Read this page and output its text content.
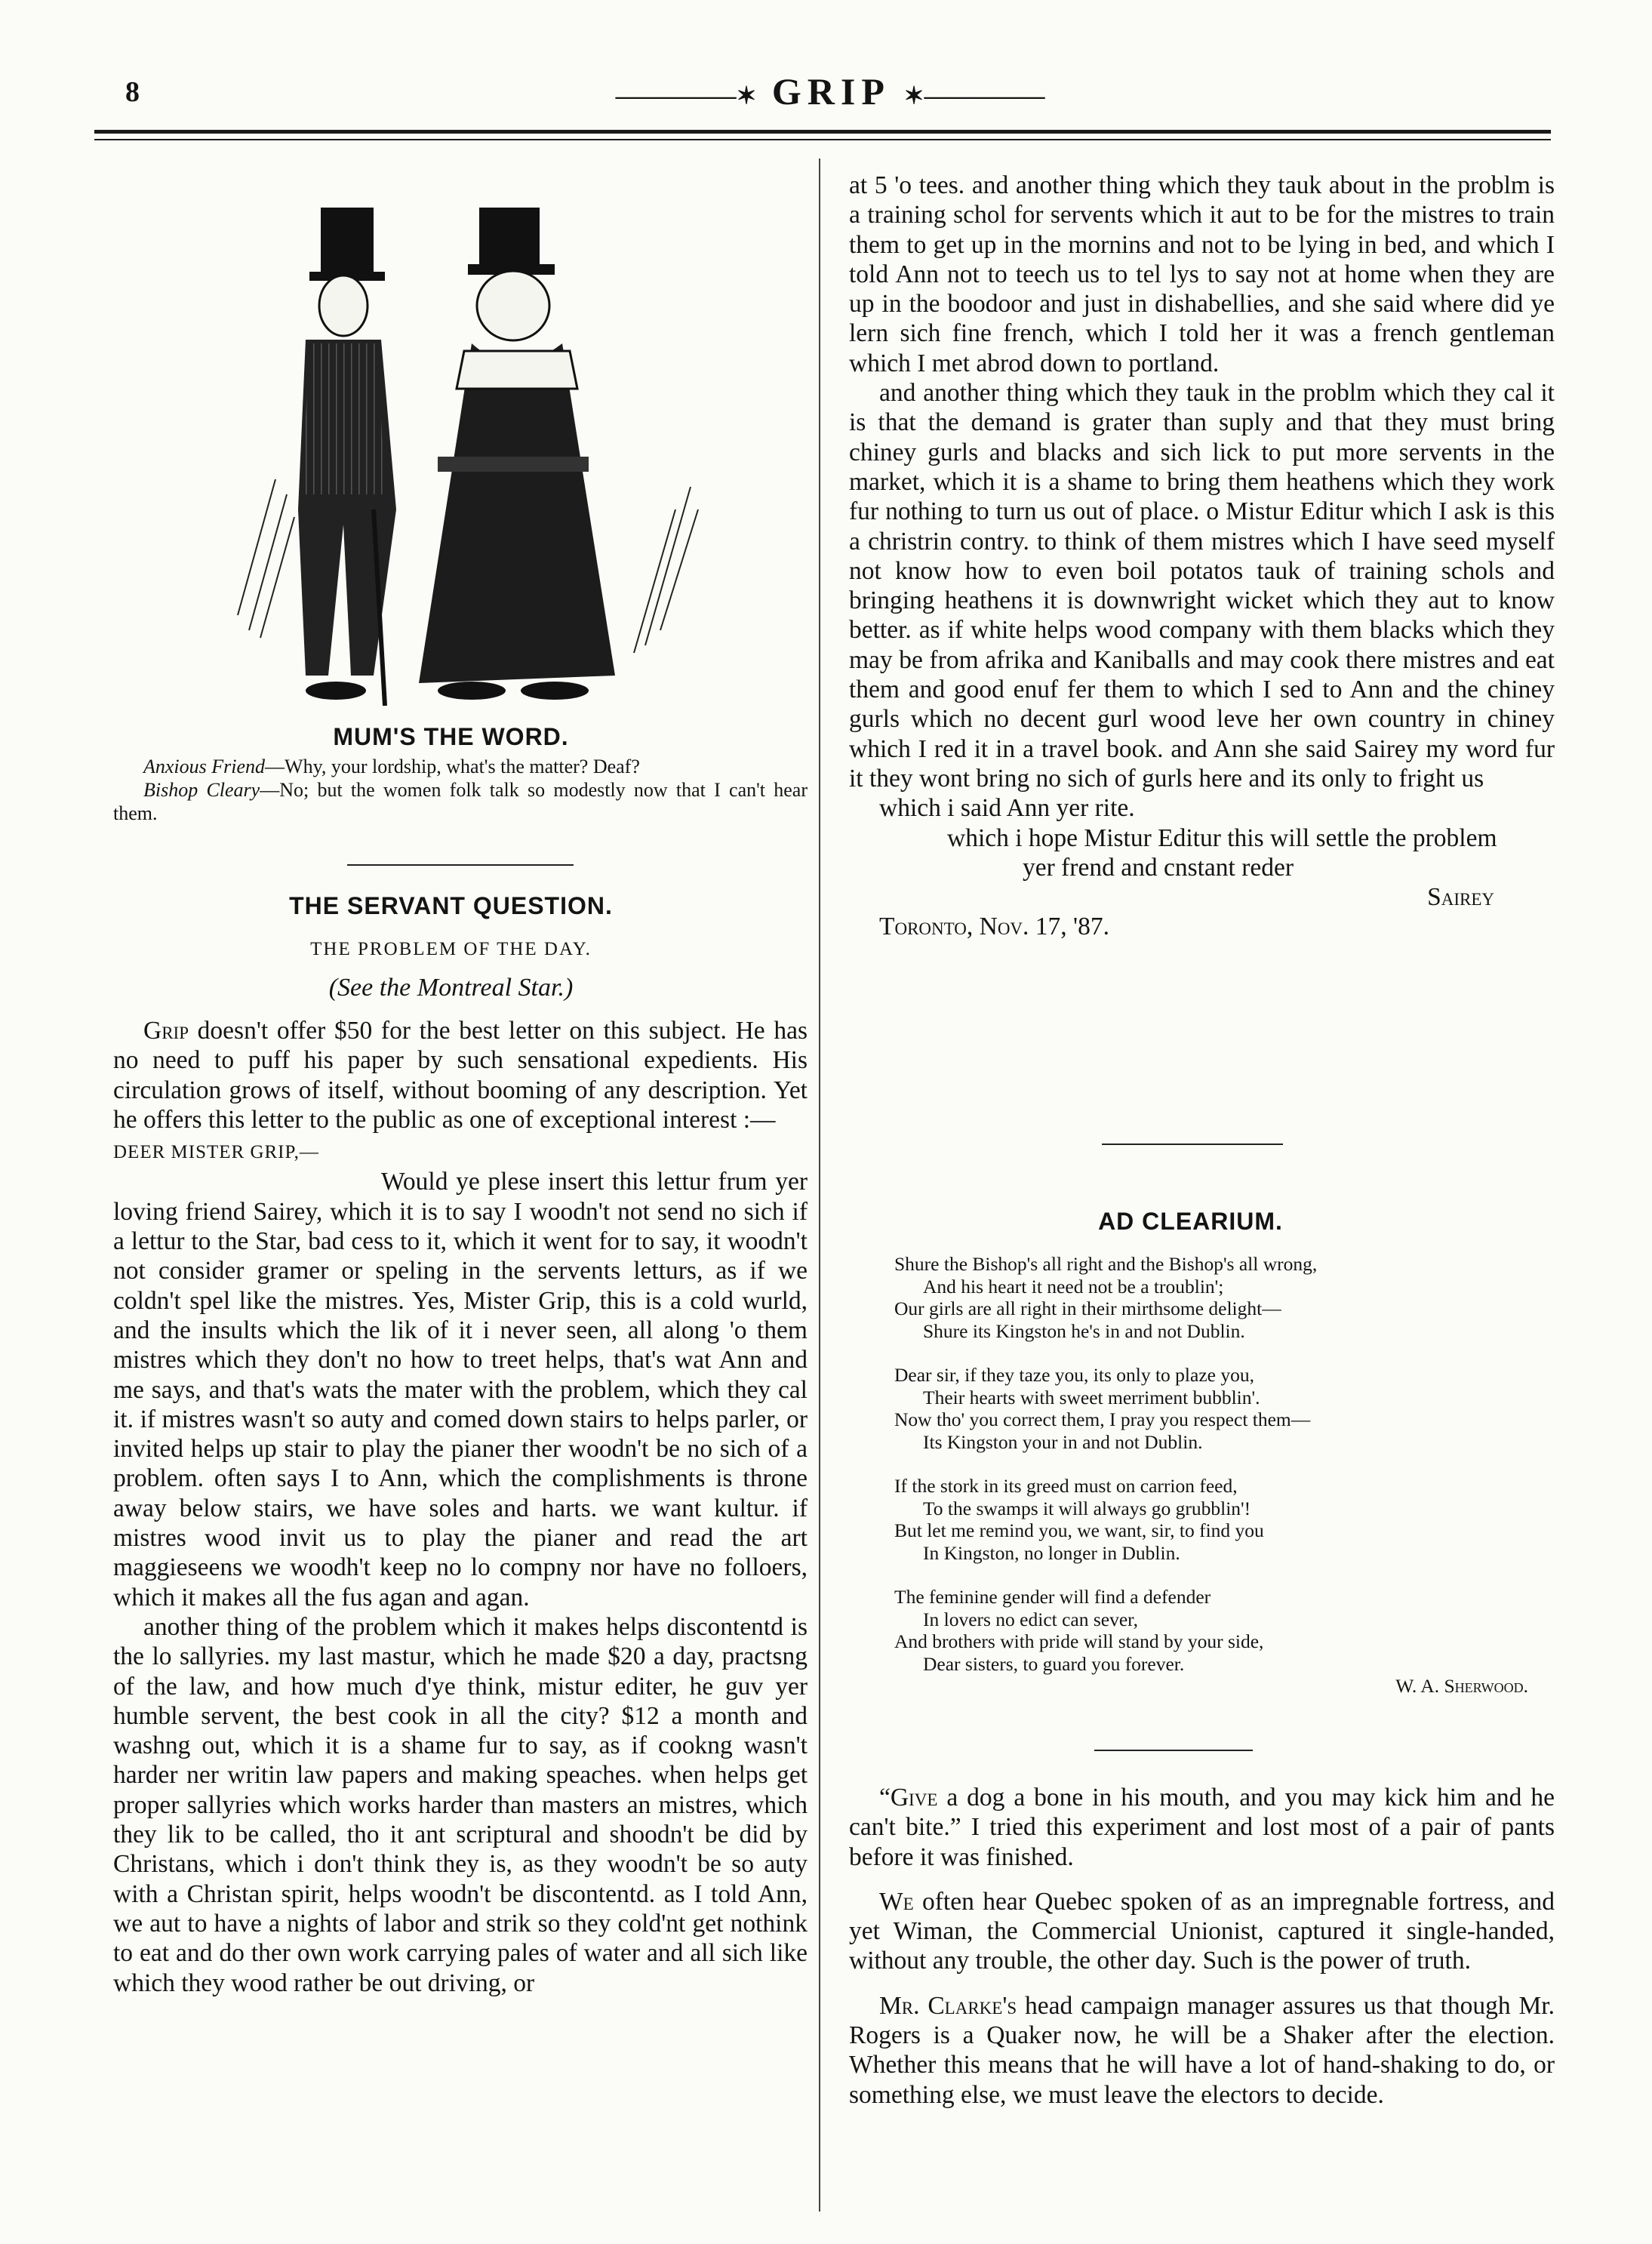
8	—————✶ GRIP ✶—————
MUM'S THE WORD.
Anxious Friend—Why, your lordship, what's the matter? Deaf?
Bishop Cleary—No; but the women folk talk so modestly now that I can't hear them.
THE SERVANT QUESTION.
THE PROBLEM OF THE DAY.
(See the Montreal Star.)

Grip doesn't offer $50 for the best letter on this subject. He has no need to puff his paper by such sensational expedients. His circulation grows of itself, without booming of any description. Yet he offers this letter to the public as one of exceptional interest :—

DEER MISTER GRIP,—

Would ye plese insert this lettur frum yer loving friend Sairey, which it is to say I woodn't not send no sich if a lettur to the Star, bad cess to it, which it went for to say, it woodn't not consider gramer or speling in the servents letturs, as if we coldn't spel like the mistres. Yes, Mister Grip, this is a cold wurld, and the insults which the lik of it i never seen, all along 'o them mistres which they don't no how to treet helps, that's wat Ann and me says, and that's wats the mater with the problem, which they cal it. if mistres wasn't so auty and comed down stairs to helps parler, or invited helps up stair to play the pianer ther woodn't be no sich of a problem. often says I to Ann, which the complishments is throne away below stairs, we have soles and harts. we want kultur. if mistres wood invit us to play the pianer and read the art maggieseens we woodh't keep no lo compny nor have no folloers, which it makes all the fus agan and agan.

another thing of the problem which it makes helps discontentd is the lo sallyries. my last mastur, which he made $20 a day, practsng of the law, and how much d'ye think, mistur editer, he guv yer humble servent, the best cook in all the city? $12 a month and washng out, which it is a shame fur to say, as if cookng wasn't harder ner writin law papers and making speaches. when helps get proper sallyries which works harder than masters an mistres, which they lik to be called, tho it ant scriptural and shoodn't be did by Christans, which i don't think they is, as they woodn't be so auty with a Christan spirit, helps woodn't be discontentd. as I told Ann, we aut to have a nights of labor and strik so they cold'nt get nothink to eat and do ther own work carrying pales of water and all sich like which they wood rather be out driving, or

at 5 'o tees. and another thing which they tauk about in the problm is a training schol for servents which it aut to be for the mistres to train them to get up in the mornins and not to be lying in bed, and which I told Ann not to teech us to tel lys to say not at home when they are up in the boodoor and just in dishabellies, and she said where did ye lern sich fine french, which I told her it was a french gentleman which I met abrod down to portland.

and another thing which they tauk in the problm which they cal it is that the demand is grater than suply and that they must bring chiney gurls and blacks and sich lick to put more servents in the market, which it is a shame to bring them heathens which they work fur nothing to turn us out of place. o Mistur Editur which I ask is this a christrin contry. to think of them mistres which I have seed myself not know how to even boil potatos tauk of training schols and bringing heathens it is downwright wicket which they aut to know better. as if white helps wood company with them blacks which they may be from afrika and Kaniballs and may cook there mistres and eat them and good enuf fer them to which I sed to Ann and the chiney gurls which no decent gurl wood leve her own country in chiney which I red it in a travel book. and Ann she said Sairey my word fur it they wont bring no sich of gurls here and its only to fright us

which i said Ann yer rite.

which i hope Mistur Editur this will settle the problem

yer frend and cnstant reder

Sairey

Toronto, Nov. 17, '87.

AD CLEARIUM.
Shure the Bishop's all right and the Bishop's all wrong,
And his heart it need not be a troublin';
Our girls are all right in their mirthsome delight—
Shure its Kingston he's in and not Dublin.
Dear sir, if they taze you, its only to plaze you,
Their hearts with sweet merriment bubblin'.
Now tho' you correct them, I pray you respect them—
Its Kingston your in and not Dublin.
If the stork in its greed must on carrion feed,
To the swamps it will always go grubblin'!
But let me remind you, we want, sir, to find you
In Kingston, no longer in Dublin.
The feminine gender will find a defender
In lovers no edict can sever,
And brothers with pride will stand by your side,
Dear sisters, to guard you forever.
W. A. Sherwood.

“Give a dog a bone in his mouth, and you may kick him and he can't bite.” I tried this experiment and lost most of a pair of pants before it was finished.

We often hear Quebec spoken of as an impregnable fortress, and yet Wiman, the Commercial Unionist, captured it single-handed, without any trouble, the other day. Such is the power of truth.

Mr. Clarke's head campaign manager assures us that though Mr. Rogers is a Quaker now, he will be a Shaker after the election. Whether this means that he will have a lot of hand-shaking to do, or something else, we must leave the electors to decide.
